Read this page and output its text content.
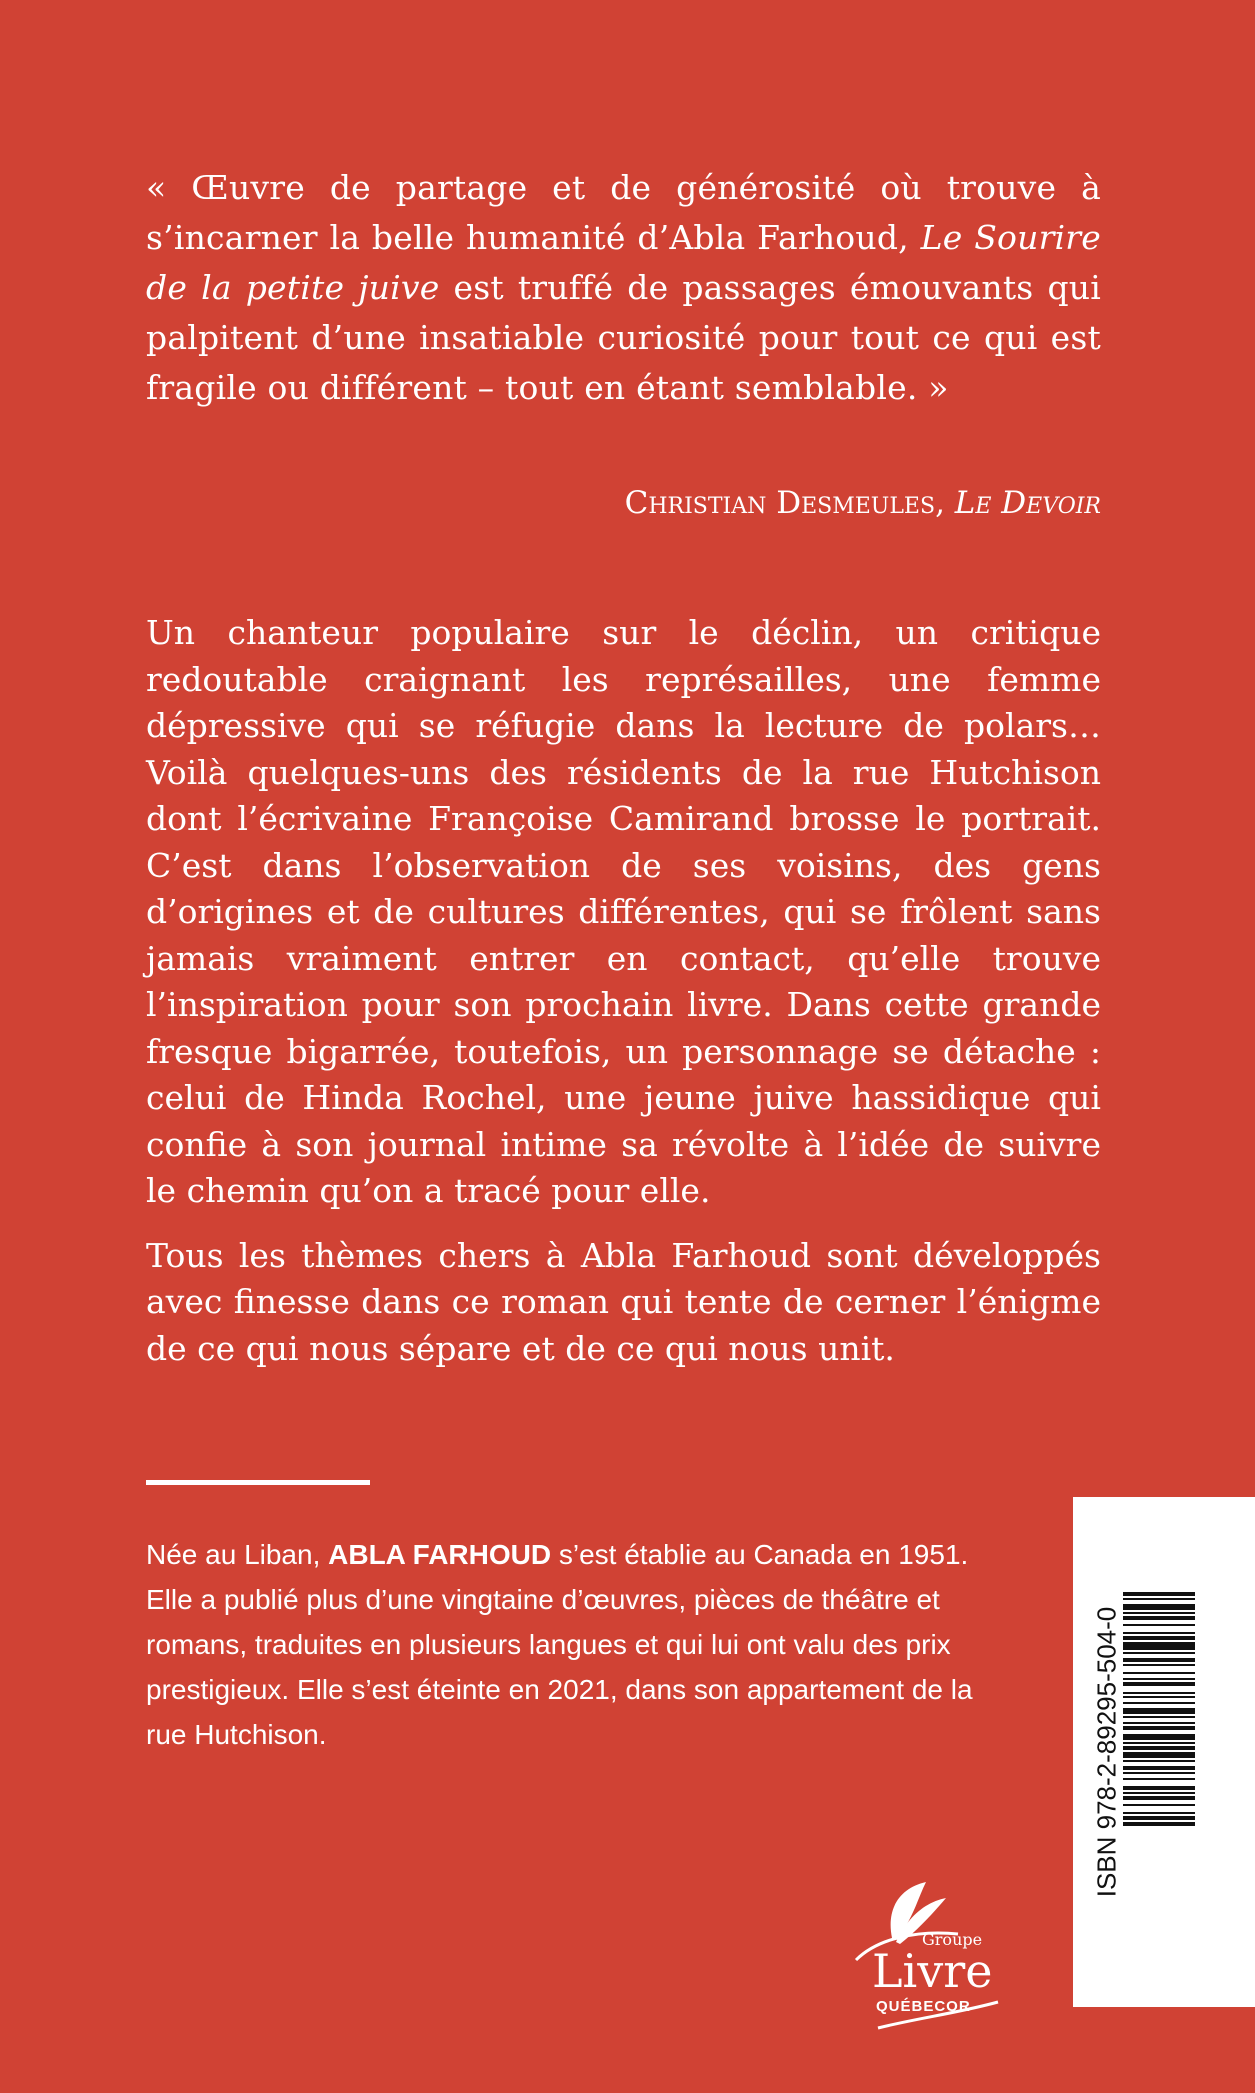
« Œuvre de partage et de générosité où trouve à s’incarner la belle humanité d’Abla Farhoud, Le Sourire de la petite juive est truffé de passages émouvants qui palpitent d’une insatiable curiosité pour tout ce qui est fragile ou différent – tout en étant semblable. »
Christian Desmeules, Le Devoir

Un chanteur populaire sur le déclin, un critique redoutable craignant les représailles, une femme dépressive qui se réfugie dans la lecture de polars… Voilà quelques-uns des résidents de la rue Hutchison dont l’écrivaine Françoise Camirand brosse le portrait. C’est dans l’observation de ses voisins, des gens d’origines et de cultures différentes, qui se frôlent sans jamais vraiment entrer en contact, qu’elle trouve l’inspiration pour son prochain livre. Dans cette grande fresque bigarrée, toutefois, un personnage se détache : celui de Hinda Rochel, une jeune juive hassidique qui confie à son journal intime sa révolte à l’idée de suivre le chemin qu’on a tracé pour elle.

Tous les thèmes chers à Abla Farhoud sont développés avec finesse dans ce roman qui tente de cerner l’énigme de ce qui nous sépare et de ce qui nous unit.

Née au Liban, ABLA FARHOUD s’est établie au Canada en 1951. Elle a publié plus d’une vingtaine d’œuvres, pièces de théâtre et romans, traduites en plusieurs langues et qui lui ont valu des prix prestigieux. Elle s’est éteinte en 2021, dans son appartement de la rue Hutchison.	ISBN 978-2-89295-504-0
Groupe
Livre
QUÉBECOR
